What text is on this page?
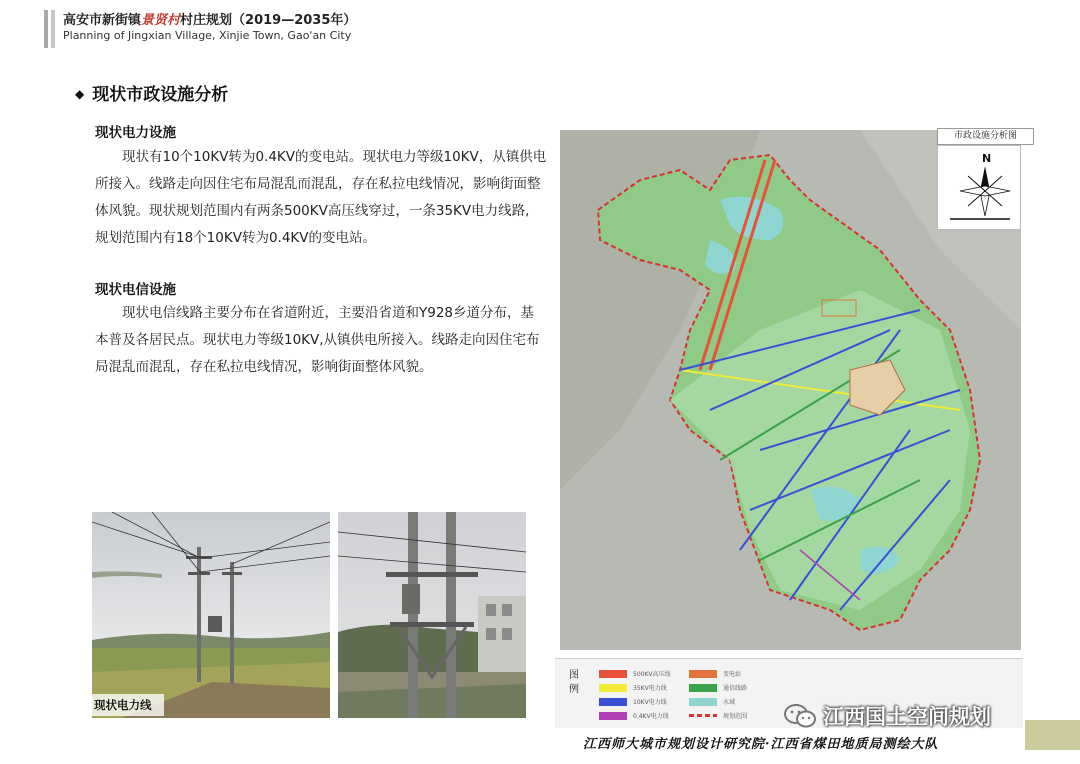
高安市新街镇景贤村村庄规划（2019—2035年）
Planning of Jingxian Village, Xinjie Town, Gao'an City
◆ 现状市政设施分析
现状电力设施
现状有10个10KV转为0.4KV的变电站。现状电力等级10KV，从镇供电所接入。线路走向因住宅布局混乱而混乱，存在私拉电线情况，影响街面整体风貌。现状规划范围内有两条500KV高压线穿过，一条35KV电力线路, 规划范围内有18个10KV转为0.4KV的变电站。
现状电信设施
现状电信线路主要分布在省道附近，主要沿省道和Y928乡道分布，基本普及各居民点。现状电力等级10KV,从镇供电所接入。线路走向因住宅布局混乱而混乱，存在私拉电线情况，影响街面整体风貌。
现状电力线
市政设施分析图
N
图例
500KV高压线
35KV电力线
10KV电力线
0.4KV电力线
变电站
通信线路
水域
规划范围	江西国土空间规划
江西师大城市规划设计研究院·江西省煤田地质局测绘大队
